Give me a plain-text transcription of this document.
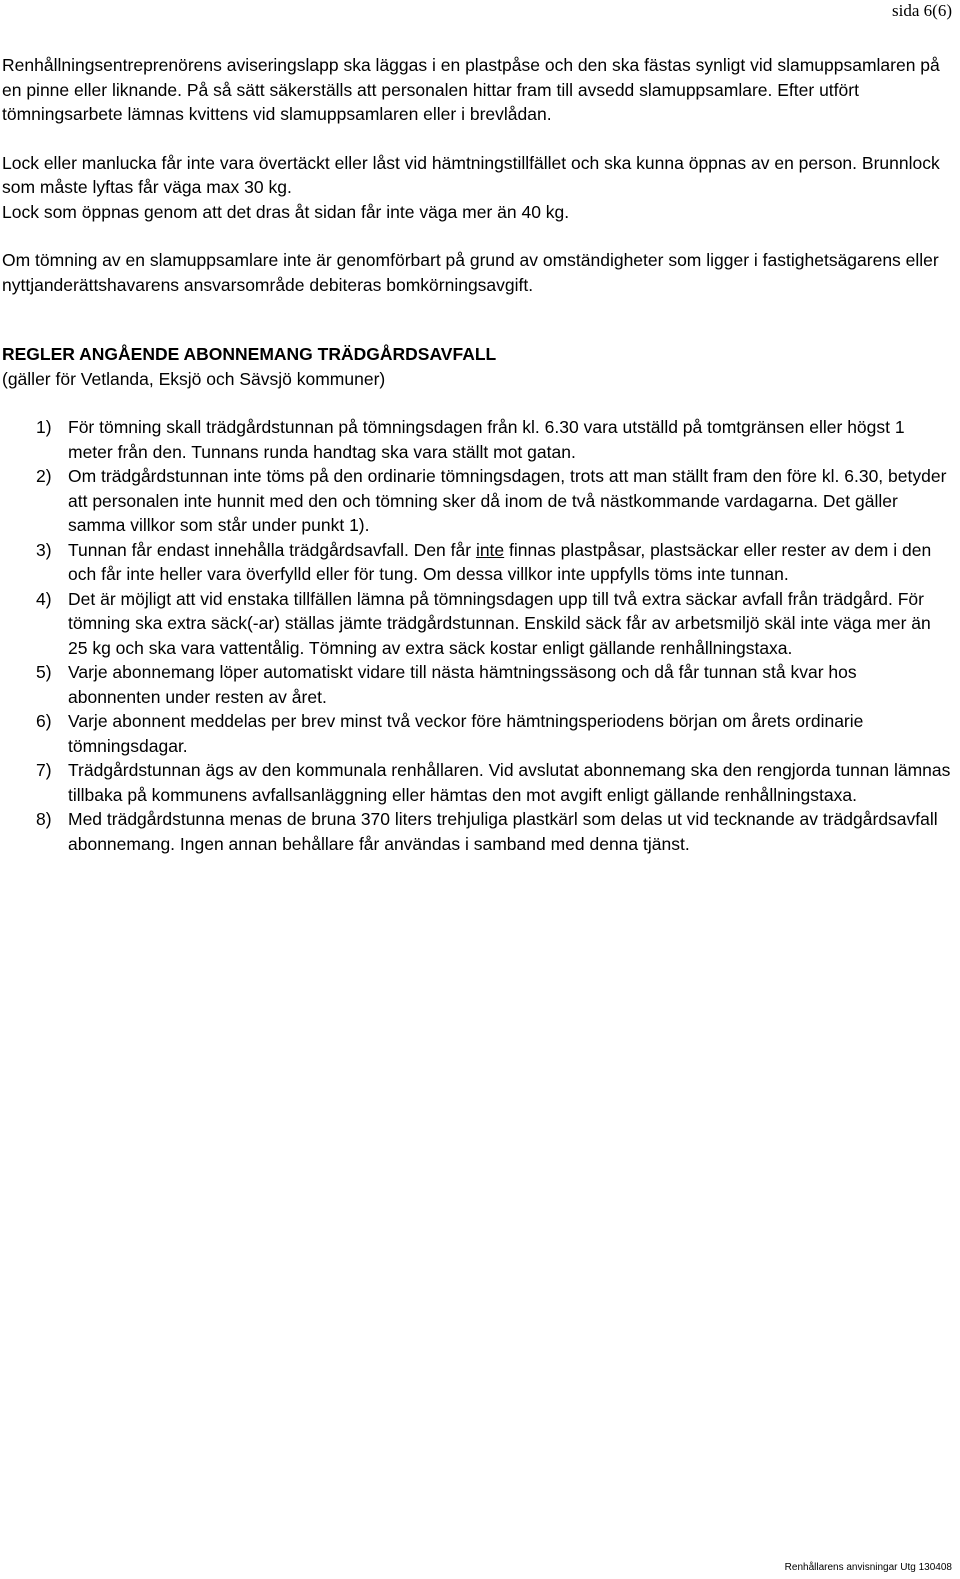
sida 6(6)

Renhållningsentreprenörens aviseringslapp ska läggas i en plastpåse och den ska fästas synligt vid slamuppsamlaren på en pinne eller liknande. På så sätt säkerställs att personalen hittar fram till avsedd slamuppsamlare. Efter utfört tömningsarbete lämnas kvittens vid slamuppsamlaren eller i brevlådan.

Lock eller manlucka får inte vara övertäckt eller låst vid hämtningstillfället och ska kunna öppnas av en person. Brunnlock som måste lyftas får väga max 30 kg.

Lock som öppnas genom att det dras åt sidan får inte väga mer än 40 kg.

Om tömning av en slamuppsamlare inte är genomförbart på grund av omständigheter som ligger i fastighetsägarens eller nyttjanderättshavarens ansvarsområde debiteras bomkörningsavgift.

REGLER ANGÅENDE ABONNEMANG TRÄDGÅRDSAVFALL

(gäller för Vetlanda, Eksjö och Sävsjö kommuner)

1) För tömning skall trädgårdstunnan på tömningsdagen från kl. 6.30 vara utställd på tomtgränsen eller högst 1 meter från den. Tunnans runda handtag ska vara ställt mot gatan.
2) Om trädgårdstunnan inte töms på den ordinarie tömningsdagen, trots att man ställt fram den före kl. 6.30, betyder att personalen inte hunnit med den och tömning sker då inom de två nästkommande vardagarna. Det gäller samma villkor som står under punkt 1).
3) Tunnan får endast innehålla trädgårdsavfall. Den får inte finnas plastpåsar, plastsäckar eller rester av dem i den och får inte heller vara överfylld eller för tung. Om dessa villkor inte uppfylls töms inte tunnan.
4) Det är möjligt att vid enstaka tillfällen lämna på tömningsdagen upp till två extra säckar avfall från trädgård. För tömning ska extra säck(-ar) ställas jämte trädgårdstunnan. Enskild säck får av arbetsmiljö skäl inte väga mer än 25 kg och ska vara vattentålig. Tömning av extra säck kostar enligt gällande renhållningstaxa.
5) Varje abonnemang löper automatiskt vidare till nästa hämtningssäsong och då får tunnan stå kvar hos abonnenten under resten av året.
6) Varje abonnent meddelas per brev minst två veckor före hämtningsperiodens början om årets ordinarie tömningsdagar.
7) Trädgårdstunnan ägs av den kommunala renhållaren. Vid avslutat abonnemang ska den rengjorda tunnan lämnas tillbaka på kommunens avfallsanläggning eller hämtas den mot avgift enligt gällande renhållningstaxa.
8) Med trädgårdstunna menas de bruna 370 liters trehjuliga plastkärl som delas ut vid tecknande av trädgårdsavfall abonnemang. Ingen annan behållare får användas i samband med denna tjänst.
Renhållarens anvisningar Utg 130408
